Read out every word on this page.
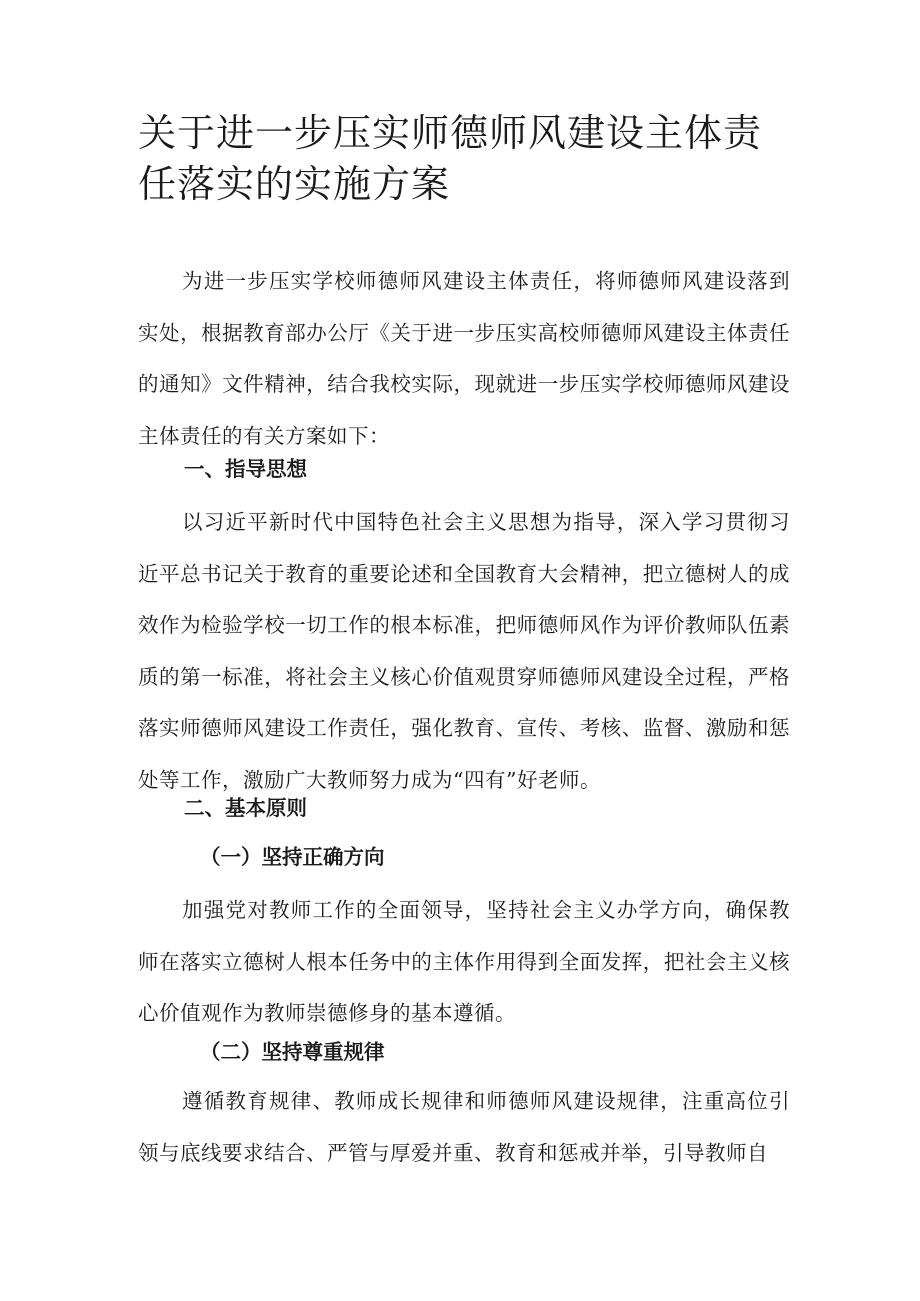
关于进一步压实师德师风建设主体责任落实的实施方案

为进一步压实学校师德师风建设主体责任，将师德师风建设落到实处，根据教育部办公厅《关于进一步压实高校师德师风建设主体责任的通知》文件精神，结合我校实际，现就进一步压实学校师德师风建设主体责任的有关方案如下：

一、指导思想

以习近平新时代中国特色社会主义思想为指导，深入学习贯彻习近平总书记关于教育的重要论述和全国教育大会精神，把立德树人的成效作为检验学校一切工作的根本标准，把师德师风作为评价教师队伍素质的第一标准，将社会主义核心价值观贯穿师德师风建设全过程，严格落实师德师风建设工作责任，强化教育、宣传、考核、监督、激励和惩处等工作，激励广大教师努力成为“四有”好老师。

二、基本原则
（一）坚持正确方向

加强党对教师工作的全面领导，坚持社会主义办学方向，确保教师在落实立德树人根本任务中的主体作用得到全面发挥，把社会主义核心价值观作为教师崇德修身的基本遵循。

（二）坚持尊重规律

遵循教育规律、教师成长规律和师德师风建设规律，注重高位引领与底线要求结合、严管与厚爱并重、教育和惩戒并举，引导教师自
